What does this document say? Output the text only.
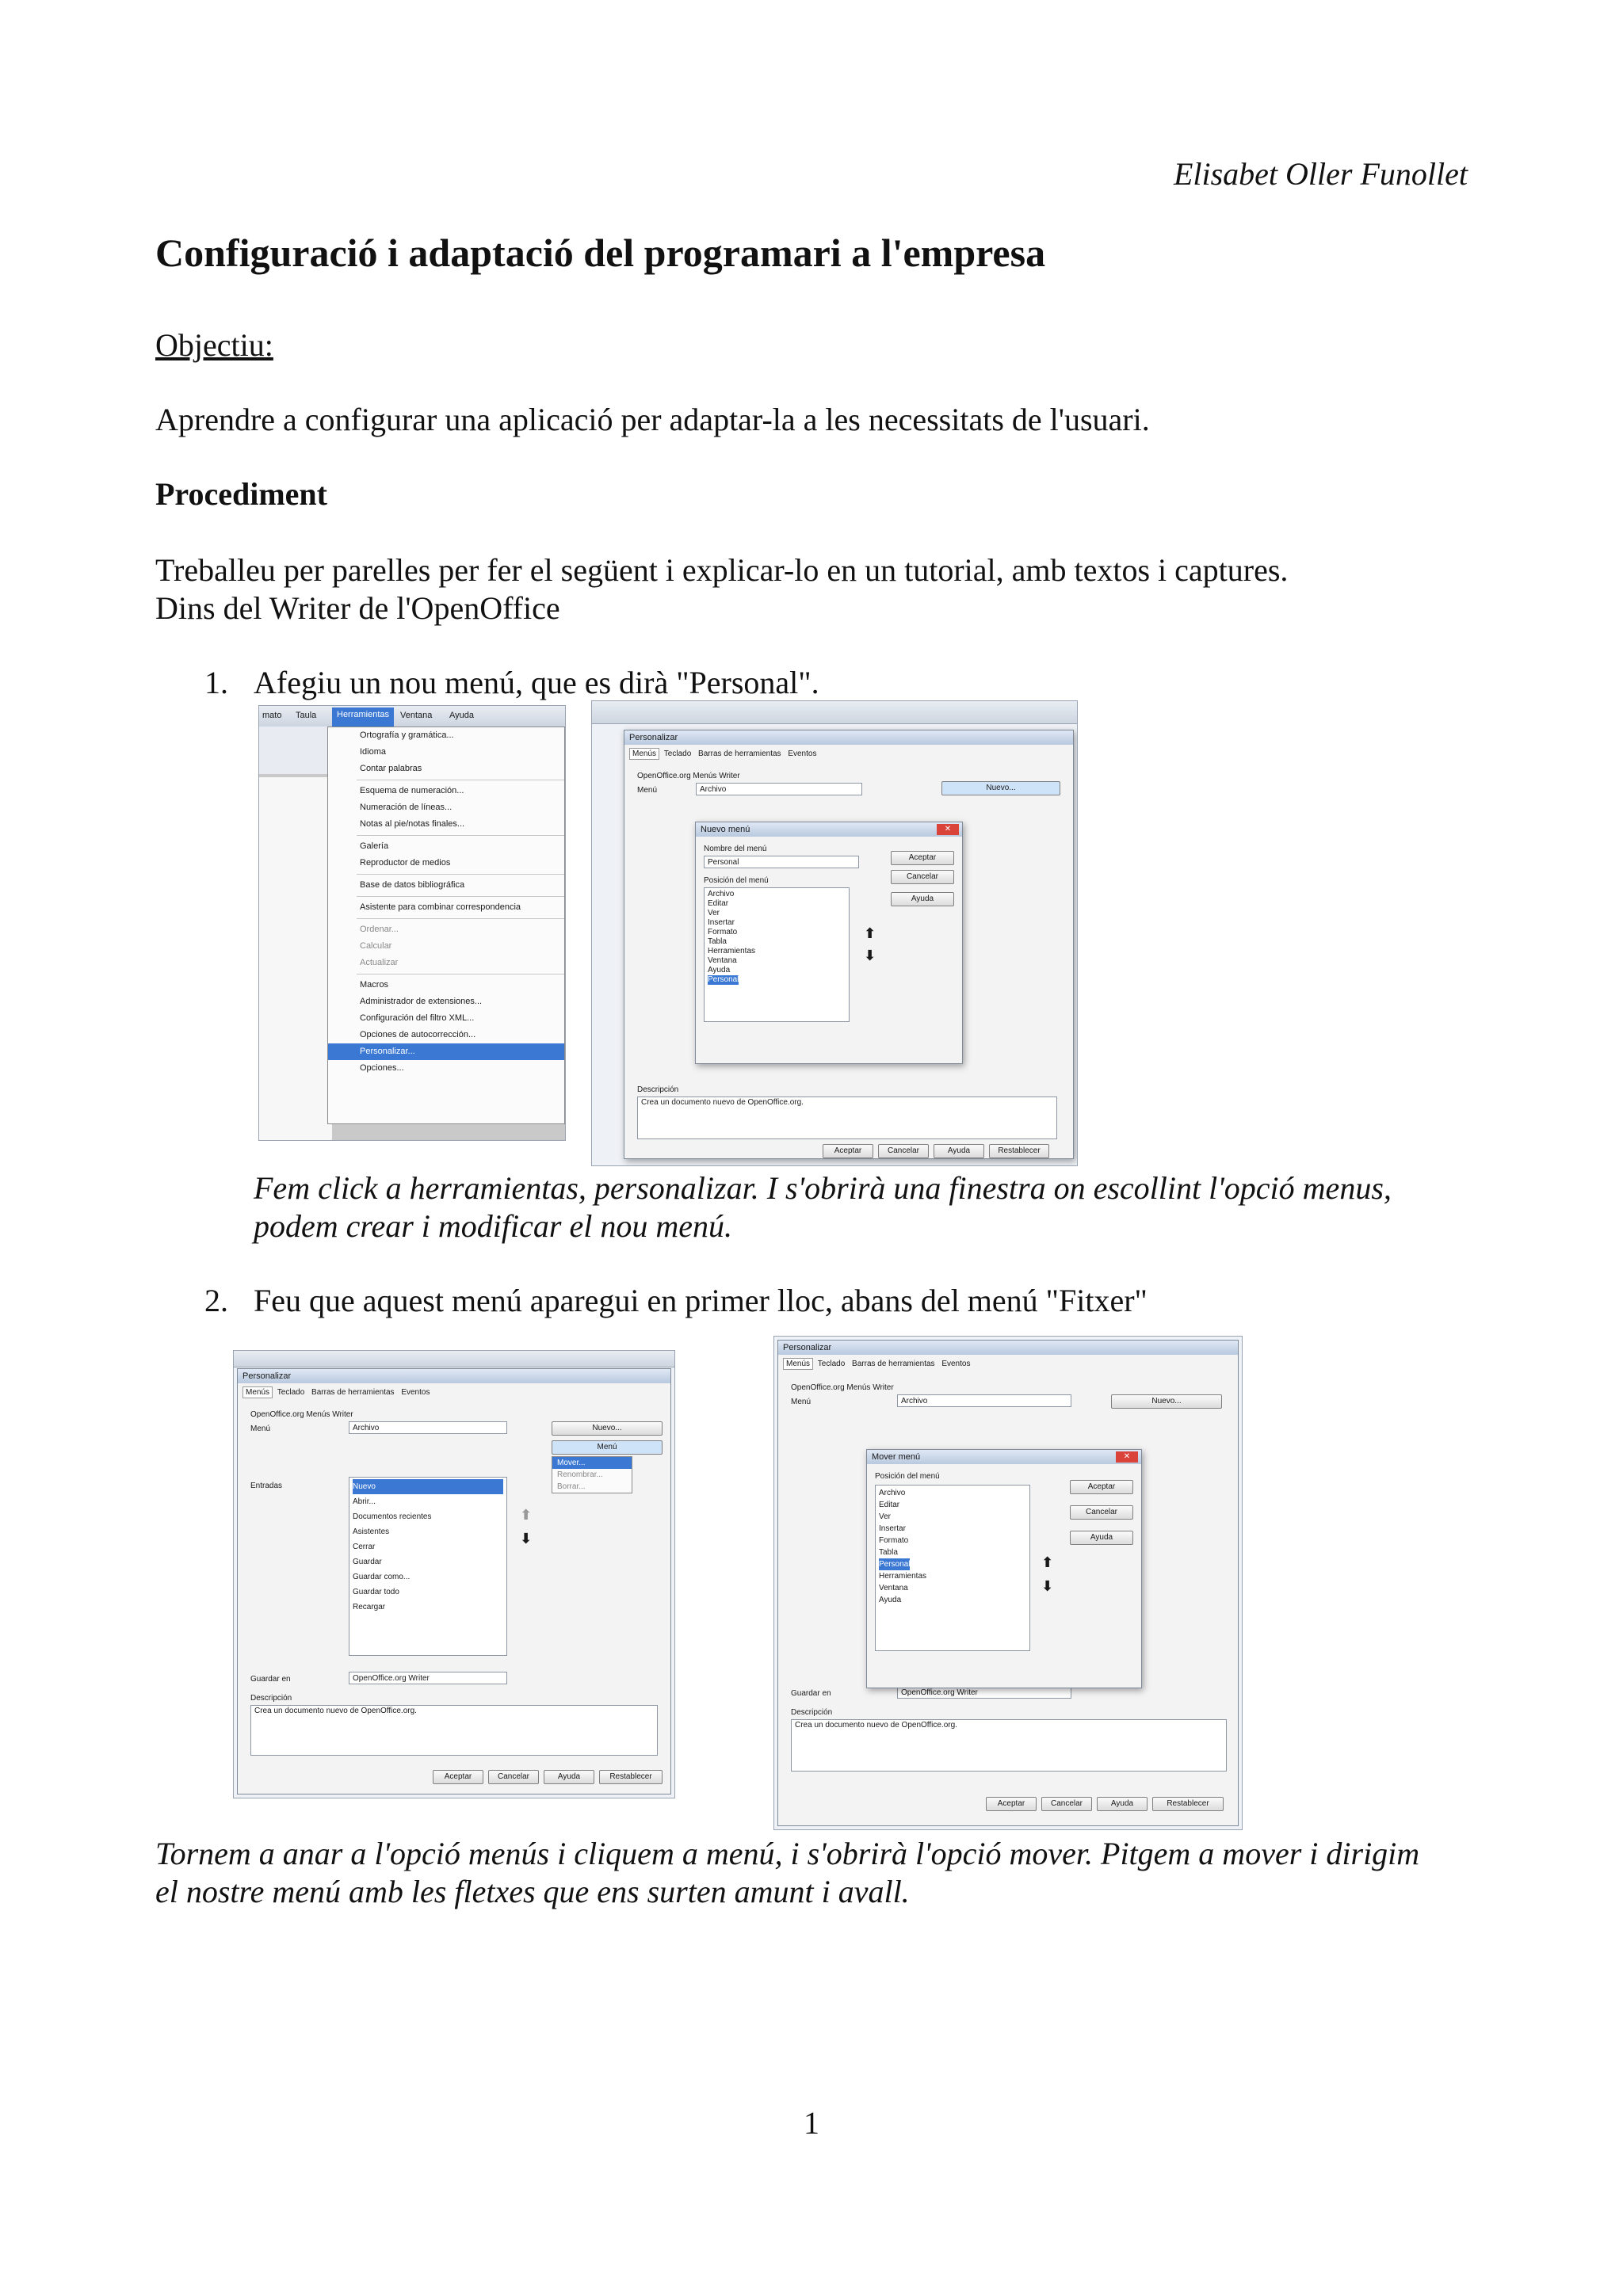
Elisabet Oller Funollet
Configuració i adaptació del programari a l'empresa
Objectiu:
Aprendre a configurar una aplicació per adaptar-la a les necessitats de l'usuari.
Procediment
Treballeu per parelles per fer el següent i explicar-lo en un tutorial, amb textos i captures.
Dins del Writer de l'OpenOffice
1. Afegiu un nou menú, que es dirà "Personal".
mato Taula	Herramientas	Ventana Ayuda
Ortografía y gramática...
Idioma
Contar palabras
Esquema de numeración...
Numeración de líneas...
Notas al pie/notas finales...
Galería
Reproductor de medios
Base de datos bibliográfica
Asistente para combinar correspondencia
Ordenar...
Calcular
Actualizar
Macros
Administrador de extensiones...
Configuración del filtro XML...
Opciones de autocorrección...
Personalizar...
Opciones...
Personalizar
Menús Teclado Barras de herramientas Eventos
OpenOffice.org Menús Writer
Menú	Archivo	Nuevo...
Descripción
Crea un documento nuevo de OpenOffice.org.
Aceptar	Cancelar	Ayuda	Restablecer
Nuevo menú	✕
Nombre del menú
Personal
Posición del menú
Archivo
Editar
Ver
Insertar
Formato
Tabla
Herramientas
Ventana
Ayuda
Personal
⬆
⬇
Aceptar
Cancelar
Ayuda
Fem click a herramientas, personalizar. I s'obrirà una finestra on escollint l'opció menus,
podem crear i modificar el nou menú.
2. Feu que aquest menú aparegui en primer lloc, abans del menú "Fitxer"
Personalizar
Menús Teclado Barras de herramientas Eventos
OpenOffice.org Menús Writer
Menú	Archivo	Nuevo...
Menú
Mover...
Renombrar...
Borrar...
Entradas	Nuevo
Abrir...
Documentos recientes
Asistentes
Cerrar
Guardar
Guardar como...
Guardar todo
Recargar
⬆
⬇
Guardar en	OpenOffice.org Writer
Descripción
Crea un documento nuevo de OpenOffice.org.
Aceptar	Cancelar	Ayuda	Restablecer
Personalizar
Menús Teclado Barras de herramientas Eventos
OpenOffice.org Menús Writer
Menú	Archivo	Nuevo...
Guardar en	OpenOffice.org Writer
Descripción
Crea un documento nuevo de OpenOffice.org.
Aceptar	Cancelar	Ayuda	Restablecer
Mover menú	✕
Posición del menú
Archivo
Editar
Ver
Insertar
Formato
Tabla
Personal
Herramientas
Ventana
Ayuda
⬆
⬇
Aceptar
Cancelar
Ayuda
Tornem a anar a l'opció menús i cliquem a menú, i s'obrirà l'opció mover. Pitgem a mover i dirigim
el nostre menú amb les fletxes que ens surten amunt i avall.
1
